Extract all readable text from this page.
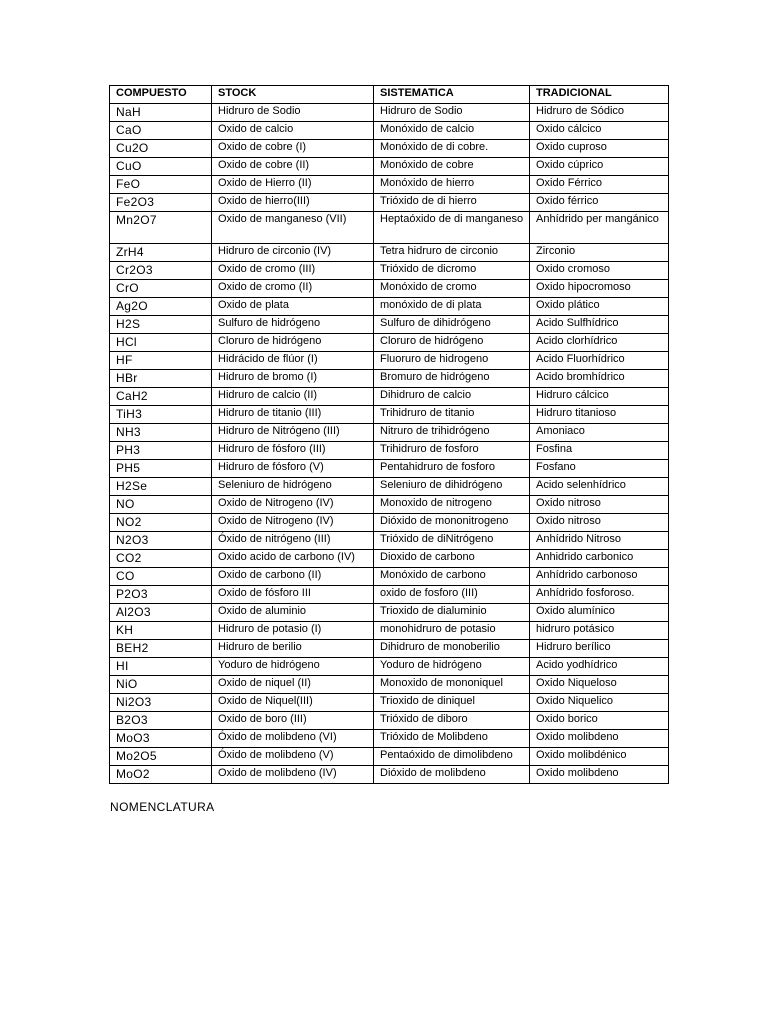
COMPUESTO	STOCK	SISTEMATICA	TRADICIONAL
NaH	Hidruro de Sodio	Hidruro de Sodio	Hidruro de Sódico
CaO	Oxido de calcio	Monóxido de calcio	Oxido cálcico
Cu2O	Oxido de cobre (I)	Monóxido de di cobre.	Oxido cuproso
CuO	Oxido de cobre (II)	Monóxido de cobre	Oxido cúprico
FeO	Oxido de Hierro (II)	Monóxido de hierro	Oxido Férrico
Fe2O3	Oxido de hierro(III)	Trióxido de di hierro	Oxido férrico
Mn2O7	Oxido de manganeso (VII)	Heptaóxido de di manganeso	Anhídrido per mangánico
ZrH4	Hidruro de circonio (IV)	Tetra hidruro de circonio	Zirconio
Cr2O3	Oxido de cromo (III)	Trióxido de dicromo	Oxido cromoso
CrO	Oxido de cromo (II)	Monóxido de cromo	Oxido hipocromoso
Ag2O	Oxido de plata	monóxido de di plata	Oxido plático
H2S	Sulfuro de hidrógeno	Sulfuro de dihidrógeno	Acido Sulfhídrico
HCl	Cloruro de hidrógeno	Cloruro de hidrógeno	Acido clorhídrico
HF	Hidrácido de flúor (I)	Fluoruro de hidrogeno	Acido Fluorhídrico
HBr	Hidruro de bromo (I)	Bromuro de hidrógeno	Acido bromhídrico
CaH2	Hidruro de calcio (II)	Dihidruro de calcio	Hidruro cálcico
TiH3	Hidruro de titanio (III)	Trihidruro de titanio	Hidruro titanioso
NH3	Hidruro de Nitrógeno (III)	Nitruro de trihidrógeno	Amoniaco
PH3	Hidruro de fósforo (III)	Trihidruro de fosforo	Fosfina
PH5	Hidruro de fósforo (V)	Pentahidruro de fosforo	Fosfano
H2Se	Seleniuro de hidrógeno	Seleniuro de dihidrógeno	Acido selenhídrico
NO	Oxido de Nitrogeno (IV)	Monoxido de nitrogeno	Oxido nitroso
NO2	Oxido de Nitrogeno (IV)	Dióxido de mononitrogeno	Oxido nitroso
N2O3	Óxido de nitrógeno (III)	Trióxido de diNitrógeno	Anhídrido Nitroso
CO2	Oxido acido de carbono (IV)	Dioxido de carbono	Anhidrido carbonico
CO	Oxido de carbono (II)	Monóxido de carbono	Anhídrido carbonoso
P2O3	Oxido de fósforo III	oxido de fosforo (III)	Anhídrido fosforoso.
Al2O3	Oxido de aluminio	Trioxido de dialuminio	Oxido alumínico
KH	Hidruro de potasio (I)	monohidruro de potasio	hidruro potásico
BEH2	Hidruro de berilio	Dihidruro de monoberilio	Hidruro berílico
HI	Yoduro de hidrógeno	Yoduro de hidrógeno	Acido yodhídrico
NiO	Oxido de niquel (II)	Monoxido de mononiquel	Oxido Niqueloso
Ni2O3	Oxido de Niquel(III)	Trioxido de diniquel	Oxido Niquelico
B2O3	Oxido de boro (III)	Trióxido de diboro	Oxido borico
MoO3	Óxido de molibdeno (VI)	Trióxido de Molibdeno	Oxido molibdeno
Mo2O5	Óxido de molibdeno (V)	Pentaóxido de dimolibdeno	Oxido molibdénico
MoO2	Oxido de molibdeno (IV)	Dióxido de molibdeno	Oxido molibdeno
NOMENCLATURA
